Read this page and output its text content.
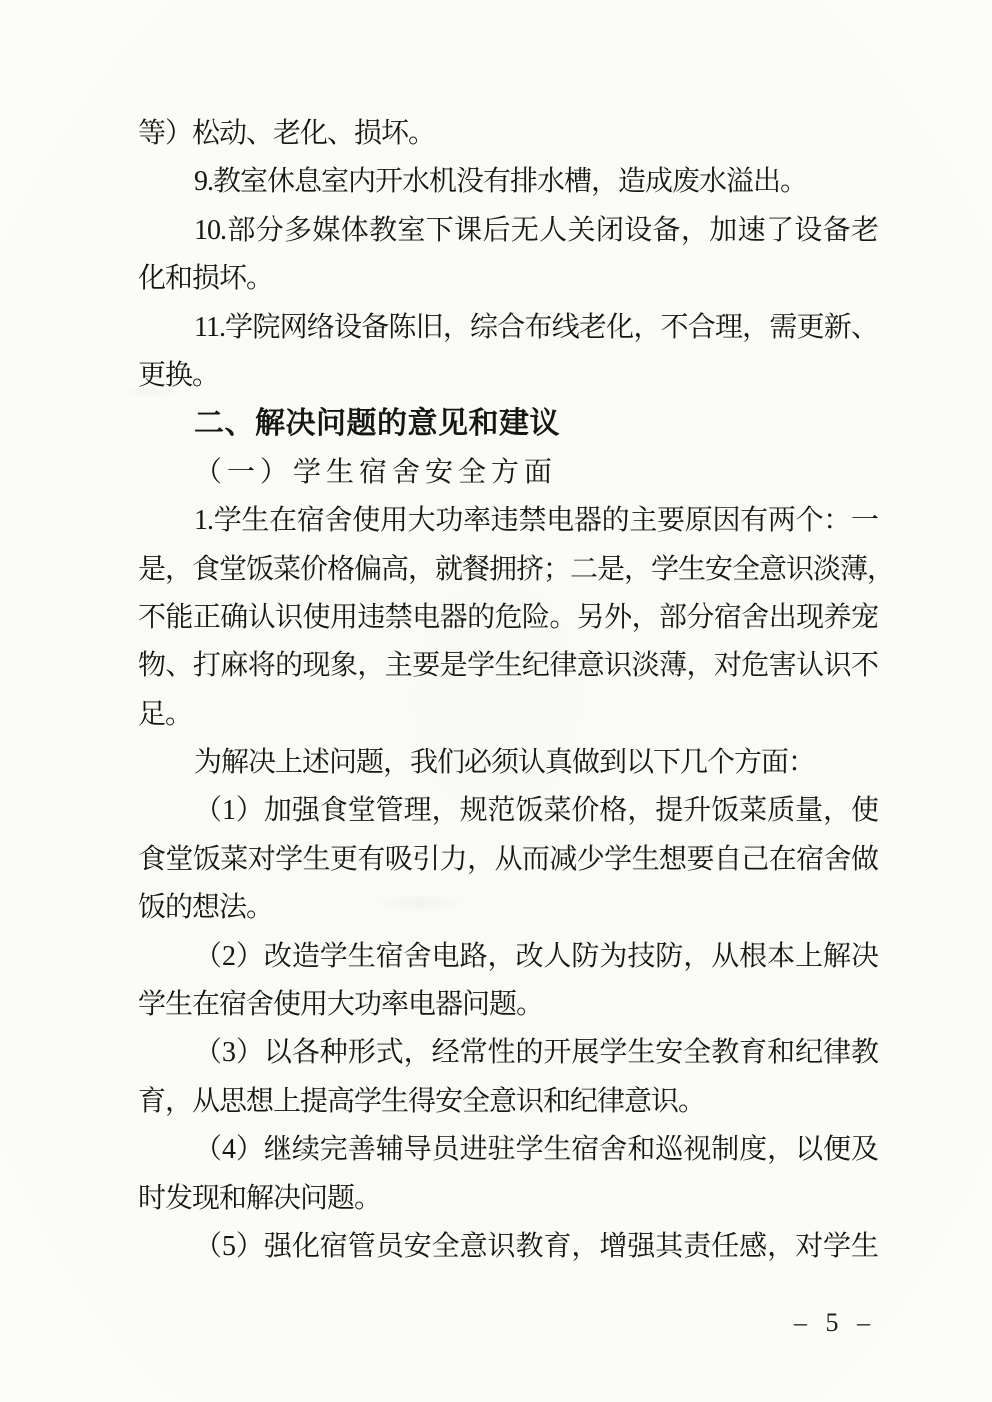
等）松动、老化、损坏。
9.教室休息室内开水机没有排水槽，造成废水溢出。
10.部分多媒体教室下课后无人关闭设备，加速了设备老
化和损坏。
11.学院网络设备陈旧，综合布线老化，不合理，需更新、
更换。
二、解决问题的意见和建议
（一）学生宿舍安全方面
1.学生在宿舍使用大功率违禁电器的主要原因有两个：一
是，食堂饭菜价格偏高，就餐拥挤；二是，学生安全意识淡薄，
不能正确认识使用违禁电器的危险。另外，部分宿舍出现养宠
物、打麻将的现象，主要是学生纪律意识淡薄，对危害认识不
足。
为解决上述问题，我们必须认真做到以下几个方面：
（1）加强食堂管理，规范饭菜价格，提升饭菜质量，使
食堂饭菜对学生更有吸引力，从而减少学生想要自己在宿舍做
饭的想法。
（2）改造学生宿舍电路，改人防为技防，从根本上解决
学生在宿舍使用大功率电器问题。
（3）以各种形式，经常性的开展学生安全教育和纪律教
育，从思想上提高学生得安全意识和纪律意识。
（4）继续完善辅导员进驻学生宿舍和巡视制度，以便及
时发现和解决问题。
（5）强化宿管员安全意识教育，增强其责任感，对学生
– 5 –
